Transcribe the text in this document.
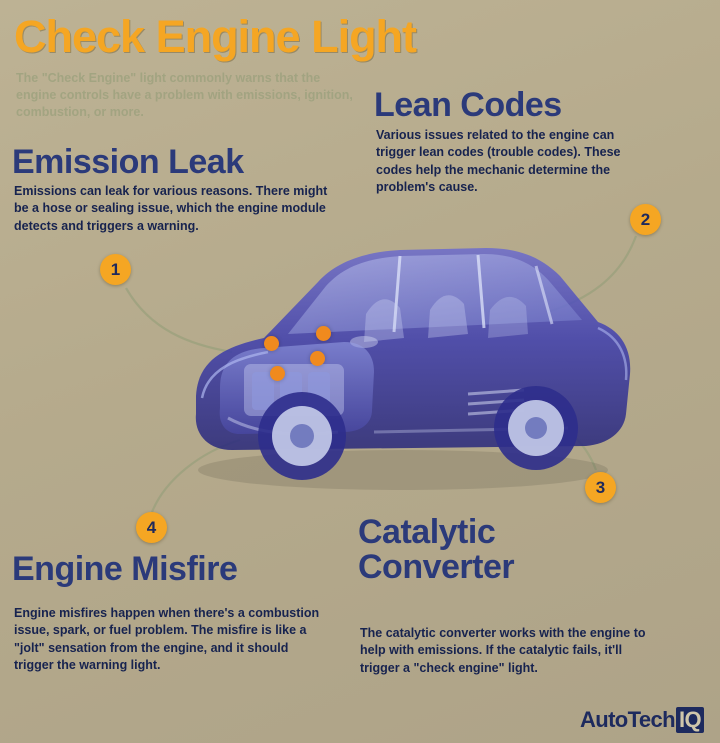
Check Engine Light
The "Check Engine" light commonly warns that the engine controls have a problem with emissions, ignition, combustion, or more.
Emission Leak
Emissions can leak for various reasons. There might be a hose or sealing issue, which the engine module detects and triggers a warning.
1
Lean Codes
Various issues related to the engine can trigger lean codes (trouble codes). These codes help the mechanic determine the problem's cause.
2
Catalytic Converter
The catalytic converter works with the engine to help with emissions. If the catalytic fails, it'll trigger a "check engine" light.
3
Engine Misfire
Engine misfires happen when there's a combustion issue, spark, or fuel problem. The misfire is like a "jolt" sensation from the engine, and it should trigger the warning light.
4
AutoTech IQ
